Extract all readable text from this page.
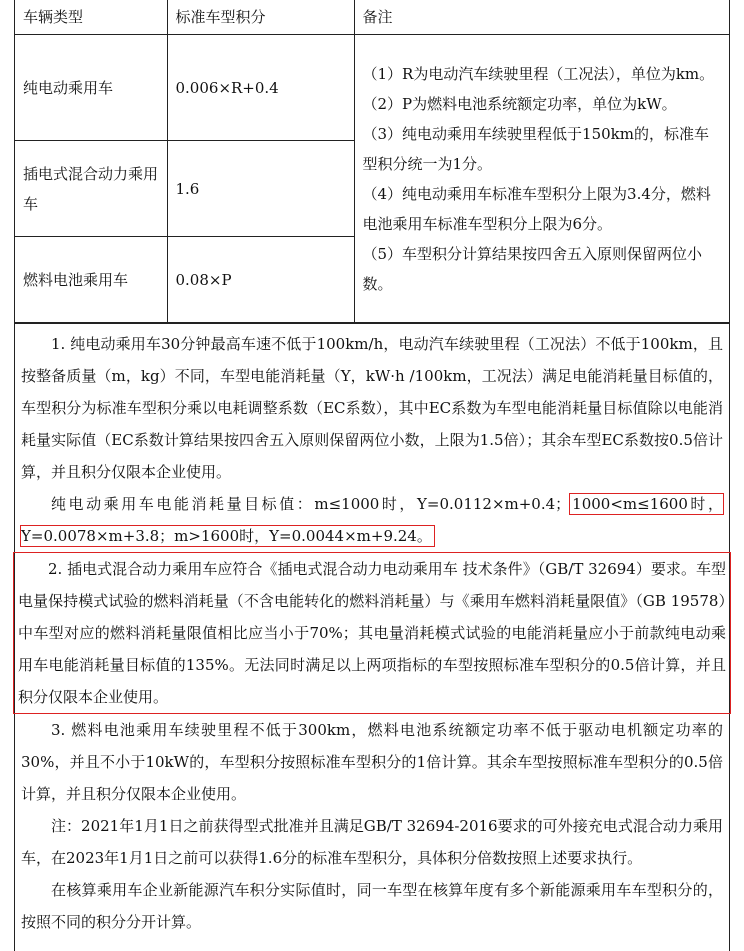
车辆类型	标准车型积分	备注
纯电动乘用车	0.006×R+0.4	（1）R为电动汽车续驶里程（工况法），单位为km。
（2）P为燃料电池系统额定功率，单位为kW。
（3）纯电动乘用车续驶里程低于150km的，标准车型积分统一为1分。
（4）纯电动乘用车标准车型积分上限为3.4分，燃料电池乘用车标准车型积分上限为6分。
（5）车型积分计算结果按四舍五入原则保留两位小数。

插电式混合动力乘用车	1.6	
燃料电池乘用车	0.08×P	

1. 纯电动乘用车30分钟最高车速不低于100km/h，电动汽车续驶里程（工况法）不低于100km，且按整备质量（m，kg）不同，车型电能消耗量（Y，kW·h /100km，工况法）满足电能消耗量目标值的，车型积分为标准车型积分乘以电耗调整系数（EC系数），其中EC系数为车型电能消耗量目标值除以电能消耗量实际值（EC系数计算结果按四舍五入原则保留两位小数，上限为1.5倍）；其余车型EC系数按0.5倍计算，并且积分仅限本企业使用。

纯电动乘用车电能消耗量目标值：m≤1000时，Y=0.0112×m+0.4； 1000<m≤1600时，Y=0.0078×m+3.8；m>1600时，Y=0.0044×m+9.24。

2. 插电式混合动力乘用车应符合《插电式混合动力电动乘用车 技术条件》（GB/T 32694）要求。车型电量保持模式试验的燃料消耗量（不含电能转化的燃料消耗量）与《乘用车燃料消耗量限值》（GB 19578）中车型对应的燃料消耗量限值相比应当小于70%；其电量消耗模式试验的电能消耗量应小于前款纯电动乘用车电能消耗量目标值的135%。无法同时满足以上两项指标的车型按照标准车型积分的0.5倍计算，并且积分仅限本企业使用。

3. 燃料电池乘用车续驶里程不低于300km，燃料电池系统额定功率不低于驱动电机额定功率的30%，并且不小于10kW的，车型积分按照标准车型积分的1倍计算。其余车型按照标准车型积分的0.5倍计算，并且积分仅限本企业使用。

注：2021年1月1日之前获得型式批准并且满足GB/T 32694-2016要求的可外接充电式混合动力乘用车，在2023年1月1日之前可以获得1.6分的标准车型积分，具体积分倍数按照上述要求执行。

在核算乘用车企业新能源汽车积分实际值时，同一车型在核算年度有多个新能源乘用车车型积分的，按照不同的积分分开计算。
